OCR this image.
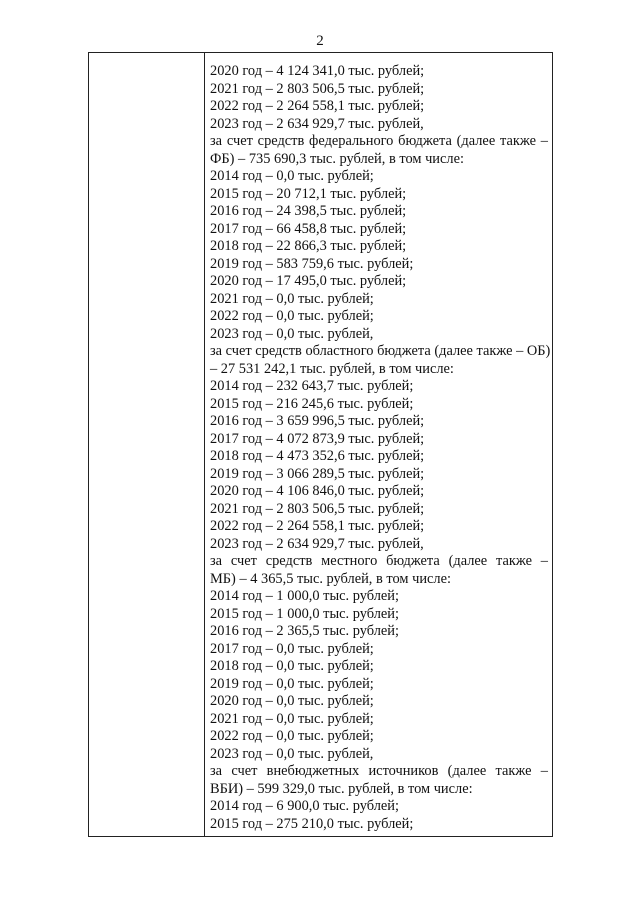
2
2020 год – 4 124 341,0 тыс. рублей;
2021 год – 2 803 506,5 тыс. рублей;
2022 год – 2 264 558,1 тыс. рублей;
2023 год – 2 634 929,7 тыс. рублей,
за счет средств федерального бюджета (далее также –
ФБ) – 735 690,3 тыс. рублей, в том числе:
2014 год – 0,0 тыс. рублей;
2015 год – 20 712,1 тыс. рублей;
2016 год – 24 398,5 тыс. рублей;
2017 год – 66 458,8 тыс. рублей;
2018 год – 22 866,3 тыс. рублей;
2019 год – 583 759,6 тыс. рублей;
2020 год – 17 495,0 тыс. рублей;
2021 год – 0,0 тыс. рублей;
2022 год – 0,0 тыс. рублей;
2023 год – 0,0 тыс. рублей,
за счет средств областного бюджета (далее также – ОБ)
– 27 531 242,1 тыс. рублей, в том числе:
2014 год – 232 643,7 тыс. рублей;
2015 год – 216 245,6 тыс. рублей;
2016 год – 3 659 996,5 тыс. рублей;
2017 год – 4 072 873,9 тыс. рублей;
2018 год – 4 473 352,6 тыс. рублей;
2019 год – 3 066 289,5 тыс. рублей;
2020 год – 4 106 846,0 тыс. рублей;
2021 год – 2 803 506,5 тыс. рублей;
2022 год – 2 264 558,1 тыс. рублей;
2023 год – 2 634 929,7 тыс. рублей,
за счет средств местного бюджета (далее также –
МБ) – 4 365,5 тыс. рублей, в том числе:
2014 год – 1 000,0 тыс. рублей;
2015 год – 1 000,0 тыс. рублей;
2016 год – 2 365,5 тыс. рублей;
2017 год – 0,0 тыс. рублей;
2018 год – 0,0 тыс. рублей;
2019 год – 0,0 тыс. рублей;
2020 год – 0,0 тыс. рублей;
2021 год – 0,0 тыс. рублей;
2022 год – 0,0 тыс. рублей;
2023 год – 0,0 тыс. рублей,
за счет внебюджетных источников (далее также –
ВБИ) – 599 329,0 тыс. рублей, в том числе:
2014 год – 6 900,0 тыс. рублей;
2015 год – 275 210,0 тыс. рублей;
